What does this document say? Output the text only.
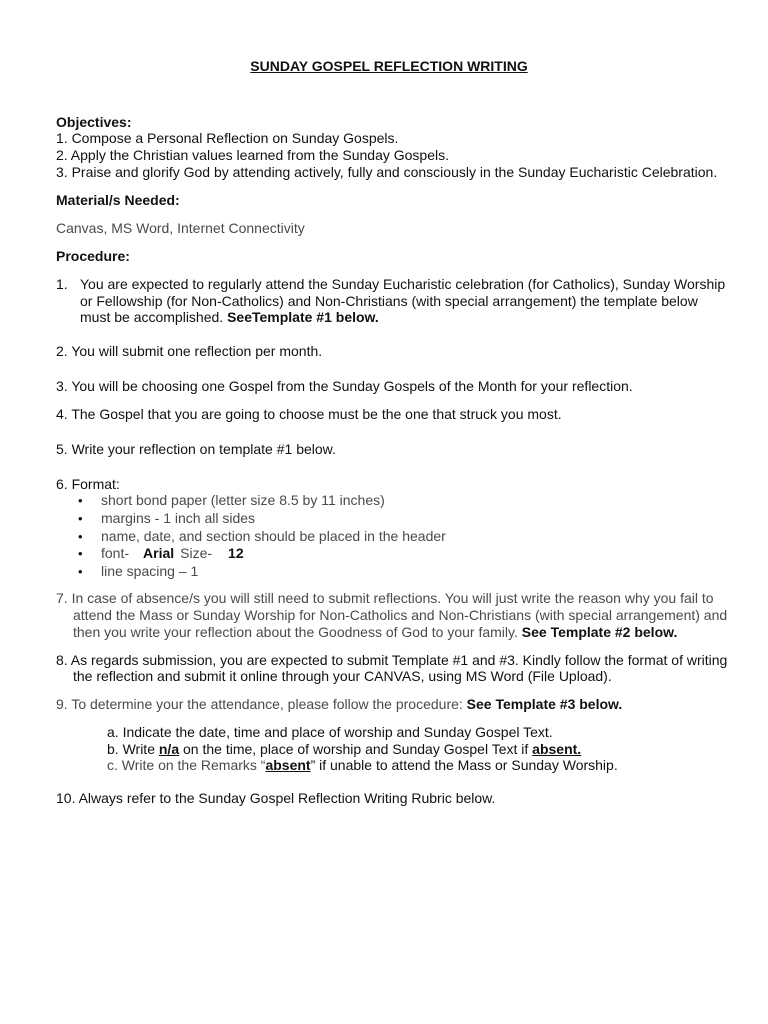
SUNDAY GOSPEL REFLECTION WRITING
Objectives:
1. Compose a Personal Reflection on Sunday Gospels.
2. Apply the Christian values learned from the Sunday Gospels.
3. Praise and glorify God by attending actively, fully and consciously in the Sunday Eucharistic Celebration.
Material/s Needed:
Canvas, MS Word, Internet Connectivity
Procedure:
1. You are expected to regularly attend the Sunday Eucharistic celebration (for Catholics), Sunday Worship
or Fellowship (for Non-Catholics) and Non-Christians (with special arrangement) the template below
must be accomplished. SeeTemplate #1 below.
2. You will submit one reflection per month.
3. You will be choosing one Gospel from the Sunday Gospels of the Month for your reflection.
4. The Gospel that you are going to choose must be the one that struck you most.
5. Write your reflection on template #1 below.
6. Format:
• short bond paper (letter size 8.5 by 11 inches)
• margins - 1 inch all sides
• name, date, and section should be placed in the header
• font- Arial Size- 12
• line spacing – 1
7. In case of absence/s you will still need to submit reflections. You will just write the reason why you fail to
attend the Mass or Sunday Worship for Non-Catholics and Non-Christians (with special arrangement) and
then you write your reflection about the Goodness of God to your family. See Template #2 below.
8. As regards submission, you are expected to submit Template #1 and #3. Kindly follow the format of writing
the reflection and submit it online through your CANVAS, using MS Word (File Upload).
9. To determine your the attendance, please follow the procedure: See Template #3 below.
a. Indicate the date, time and place of worship and Sunday Gospel Text.
b. Write n/a on the time, place of worship and Sunday Gospel Text if absent.
c. Write on the Remarks “absent” if unable to attend the Mass or Sunday Worship.
10. Always refer to the Sunday Gospel Reflection Writing Rubric below.
